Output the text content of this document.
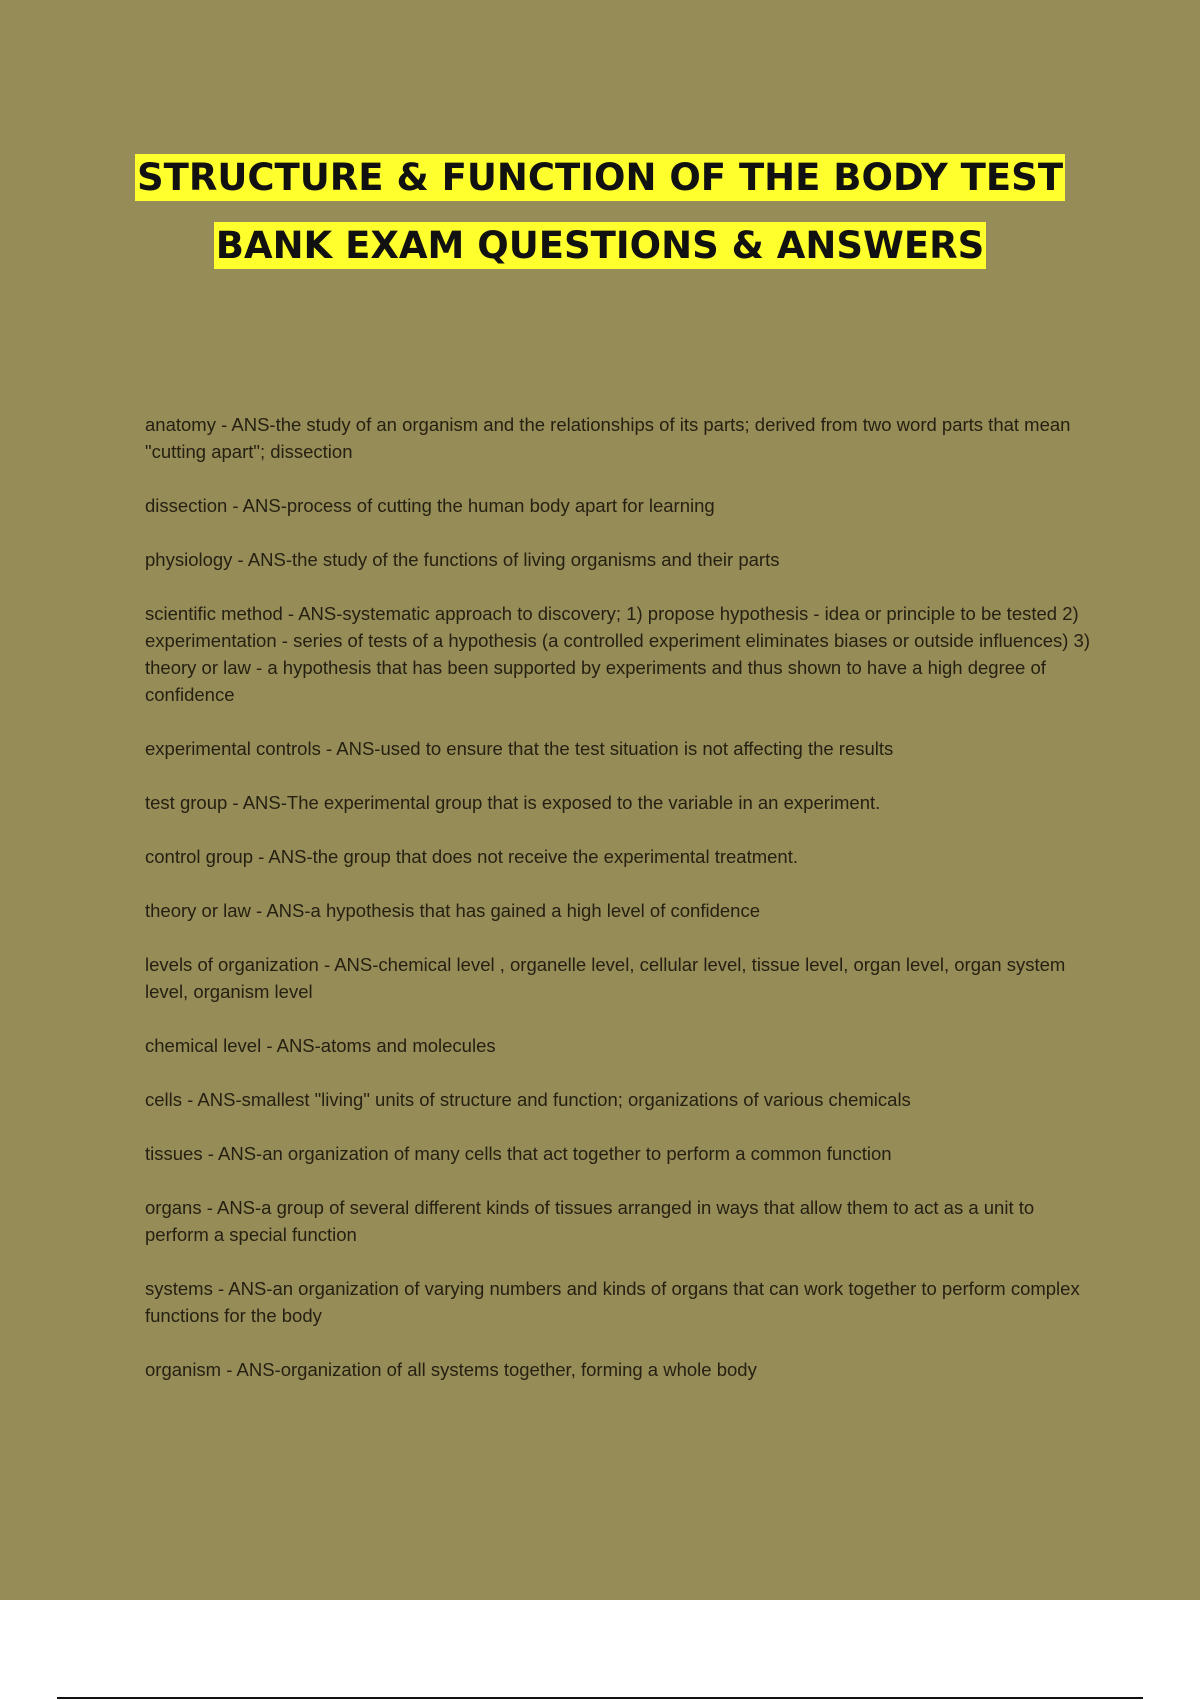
STRUCTURE & FUNCTION OF THE BODY TEST
BANK EXAM QUESTIONS & ANSWERS

anatomy - ANS-the study of an organism and the relationships of its parts; derived from two word parts that mean "cutting apart"; dissection

dissection - ANS-process of cutting the human body apart for learning

physiology - ANS-the study of the functions of living organisms and their parts

scientific method - ANS-systematic approach to discovery; 1) propose hypothesis - idea or principle to be tested 2) experimentation - series of tests of a hypothesis (a controlled experiment eliminates biases or outside influences) 3) theory or law - a hypothesis that has been supported by experiments and thus shown to have a high degree of confidence

experimental controls - ANS-used to ensure that the test situation is not affecting the results

test group - ANS-The experimental group that is exposed to the variable in an experiment.

control group - ANS-the group that does not receive the experimental treatment.

theory or law - ANS-a hypothesis that has gained a high level of confidence

levels of organization - ANS-chemical level , organelle level, cellular level, tissue level, organ level, organ system level, organism level

chemical level - ANS-atoms and molecules

cells - ANS-smallest "living" units of structure and function; organizations of various chemicals

tissues - ANS-an organization of many cells that act together to perform a common function

organs - ANS-a group of several different kinds of tissues arranged in ways that allow them to act as a unit to perform a special function

systems - ANS-an organization of varying numbers and kinds of organs that can work together to perform complex functions for the body

organism - ANS-organization of all systems together, forming a whole body
